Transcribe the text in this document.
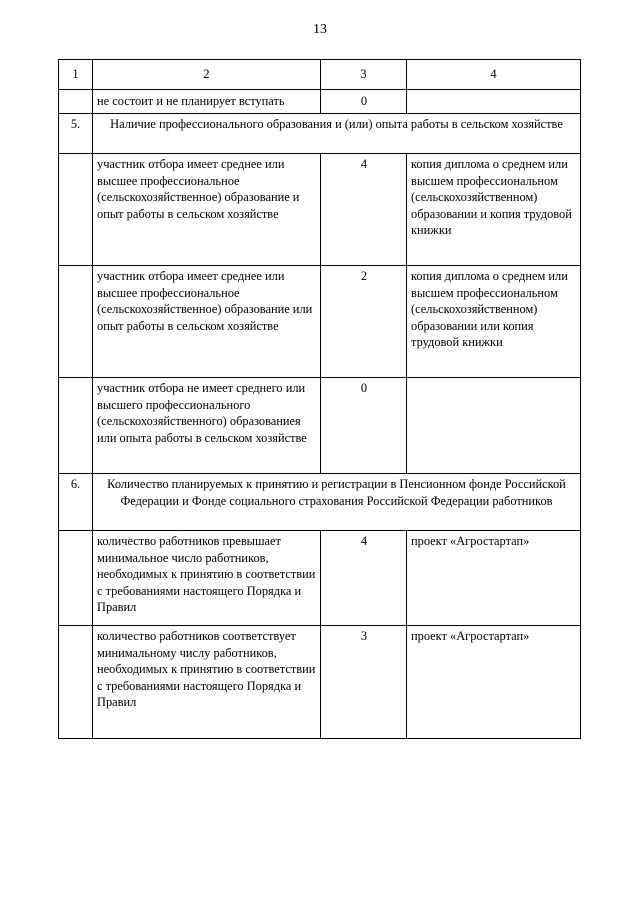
13
1	2	3	4
	не состоит и не планирует вступать	0	
5.	Наличие профессионального образования и (или) опыта работы в сельском хозяйстве		
	участник отбора имеет среднее или высшее профессиональное (сельскохозяйственное) образование и опыт работы в сельском хозяйстве	4	копия диплома о среднем или высшем профессиональном (сельскохозяйственном) образовании и копия трудовой книжки
	участник отбора имеет среднее или высшее профессиональное (сельскохозяйственное) образование или опыт работы в сельском хозяйстве	2	копия диплома о среднем или высшем профессиональном (сельскохозяйственном) образовании или копия трудовой книжки
	участник отбора не имеет среднего или высшего профессионального (сельскохозяйственного) образованиея или опыта работы в сельском хозяйстве	0	
6.	Количество планируемых к принятию и регистрации в Пенсионном фонде Российской Федерации и Фонде социального страхования Российской Федерации работников		
	количество работников превышает минимальное число работников, необходимых к принятию в соответствии с требованиями настоящего Порядка и Правил	4	проект «Агростартап»
	количество работников соответствует минимальному числу работников, необходимых к принятию в соответствии с требованиями настоящего Порядка и Правил	3	проект «Агростартап»
